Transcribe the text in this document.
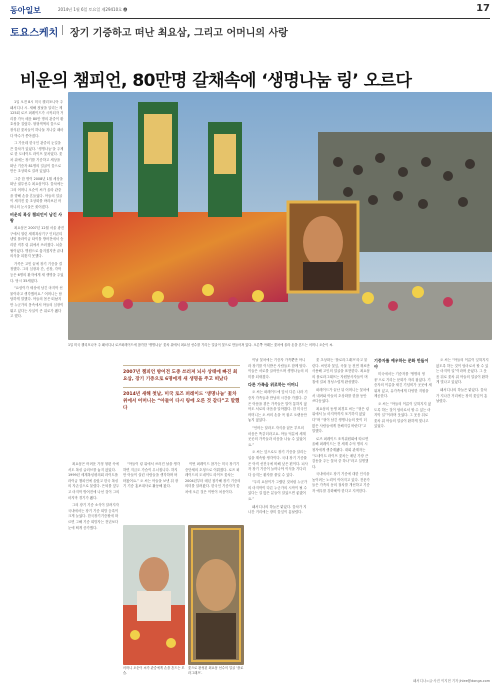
동아일보	2014년 1월 6일 토요일 제29410호 🅐	17
토요스케치 장기 기증하고 떠난 최요삼, 그리고 어머니의 사랑
비운의 챔피언, 80만명 갈채속에 ‘생명나눔 링’ 오르다

1일 오전 8시 미국 캘리포니아 주 패서디나 시. 새해 첫날을 알리는 제125회 로즈 퍼레이드가 시작되자 거리를 가득 메운 80만 명의 관중이 환호성을 질렀다. 형형색색의 꽃으로 장식된 꽃차들이 하나둘 지나갈 때마다 박수가 쏟아졌다.

그 가운데 한국인 관중의 눈길을 끈 꽃차가 있었다. ‘생명나눔’을 주제로 한 도네이트 라이프 꽃차였다. 꽃차 위에는 장기를 기증하고 세상을 떠난 기증자 81명의 얼굴이 꽃으로 만든 초상화로 걸려 있었다.

그중 한 명이 2008년 1월 세상을 떠난 권투선수 최요삼이다. 꽃차에는 그의 어머니 오순이 씨가 올라 관중을 향해 손을 흔들었다. 아들의 얼굴이 새겨진 꽃 초상화를 바라보던 어머니의 눈시울은 붉어졌다.

비운의 복싱 챔피언이 남긴 사랑

최요삼은 2007년 12월 서울 광진구에서 열린 세계복싱기구 인터콘티넨털 플라이급 타이틀 방어전에서 승리한 직후 링 위에서 쓰러졌다. 뇌출혈이었다. 병원으로 옮겨졌지만 끝내 의식을 되찾지 못했다.

가족은 고민 끝에 장기 기증을 결정했다. 그의 심장과 간, 신장, 각막 등은 6명의 환자에게 새 생명을 주었다. 당시 35세였다.

“요삼이가 세상에 남긴 마지막 선물이라고 생각했어요.” 어머니는 담담하게 말했다. 아들의 몸은 떠났지만 누군가의 몸속에서 아들의 심장이 뛰고 있다는 사실이 큰 위로가 됐다고 했다.

1일 미국 캘리포니아 주 패서디나 로즈퍼레이드에 참가한 ‘생명나눔’ 꽃차 위에서 최요삼 선수를 기리는 얼굴이 꽃으로 만들어져 있다. 오른쪽 아래는 꽃차에 올라 손을 흔드는 어머니 오순이 씨.

2007년 챔피언 방어전 도중 쓰러져 뇌사 상태에 빠진 최요삼, 장기 기증으로 6명에게 새 생명을 주고 떠났다

2014년 새해 첫날, 미국 로즈 퍼레이드 ‘생명나눔’ 꽃차 위에서 어머니는 “아들이 다시 링에 오른 것 같다”고 말했다

최요삼은 어려운 가정 형편 속에서도 복싱 글러브를 놓지 않았다. 1999년 세계복싱평의회 라이트플라이급 챔피언에 올랐고 한국 복싱의 자존심으로 불렸다. 은퇴를 앞두고 마지막 방어전에 나선 것이 그의 마지막 경기가 됐다.

그의 장기 기증 소식이 알려지자 국내에서는 장기 기증 희망 등록이 크게 늘었다. 한국장기기증원에 따르면 그해 기증 희망자는 전년보다 눈에 띄게 증가했다.

“아들이 링 위에서 쓰러진 날을 생각하면 지금도 가슴이 무너집니다. 하지만 아들이 살린 사람들을 생각하며 버텨왔어요.” 오 씨는 아들을 보낸 뒤 장기 기증 홍보대사로 활동해 왔다.

이번 퍼레이드 참가는 미국 장기기증단체의 초청으로 이뤄졌다. 로즈 퍼레이드의 도네이트 라이프 꽃차는 2004년부터 매년 참가해 장기 기증의 의미를 알려왔다. 한국인 기증자가 꽃차에 오른 것은 이번이 처음이다.

어머니 오순이 씨가 관중에게 손을 흔드는 모습.
꽃으로 완성된 최요삼 선수의 얼굴 ‘플로라그래프’.

이날 꽃차에는 기증자 가족뿐만 아니라 장기를 이식받은 사람들도 함께 탔다. 이들은 서로를 끌어안으며 생명나눔의 의미를 되새겼다.

다른 가족을 위로하는 어머니

오 씨는 퍼레이드에 앞서 다른 나라 기증자 가족들과 만남의 시간을 가졌다. 같은 아픔을 겪은 가족들은 말이 통하지 않아도 서로의 마음을 알아봤다. 한 미국인 어머니는 오 씨의 손을 꼭 잡고 오랫동안 놓지 않았다.

“언어는 달라도 자식을 잃은 부모의 마음은 똑같더라고요. 아들 덕분에 세계 곳곳의 가족들과 마음을 나눌 수 있었어요.”

오 씨는 앞으로도 장기 기증을 알리는 일을 계속할 생각이다. 국내 장기 기증률은 아직 선진국에 비해 낮은 편이다. 뇌사자 장기 기증이 늘어나야 이식을 기다리다 숨지는 환자를 줄일 수 있다.

“우리 요삼이가 그랬던 것처럼 누군가의 마지막이 다른 누군가의 시작이 될 수 있다는 걸 많은 분들이 알았으면 좋겠어요.”

패서디나의 하늘은 맑았다. 꽃차가 지나간 거리에는 장미 꽃잎이 흩날렸다.

꽃 초상화는 ‘플로라그래프’라고 불린다. 씨앗과 꽃잎, 곡물 등 천연 재료만 사용해 고인의 얼굴을 표현한다. 최요삼의 플로라그래프는 자원봉사자들이 며칠에 걸쳐 정성스럽게 완성했다.

퍼레이드가 끝난 뒤 어머니는 꽃차에서 내려와 아들의 초상화를 한참 동안 쓰다듬었다.

최요삼의 동생 최경호 씨는 “형은 링 위에서 늘 마지막까지 포기하지 않았다”며 “형이 남긴 생명나눔의 뜻이 더 많은 사람들에게 전해지길 바란다”고 말했다.

로즈 퍼레이드 조직위원회에 따르면 올해 퍼레이드는 전 세계 수억 명의 시청자에게 생중계됐다. 대회 관계자는 “도네이트 라이프 꽃차는 매년 가장 큰 감동을 주는 꽃차 중 하나”라고 설명했다.

국내에서도 장기 기증에 대한 인식을 높이려는 노력이 이어지고 있다. 전문가들은 가족의 동의 절차를 개선하고 기증자 예우를 강화해야 한다고 지적한다.

기증자를 예우하는 문화 만들어야

미국에서는 기증자를 ‘생명의 영웅’으로 기리는 문화가 자리 잡았다. 기증자의 이름을 새긴 기념비가 곳곳에 세워져 있고, 유가족에게 다양한 지원을 제공한다.

오 씨는 “아들의 이름이 잊혀지지 않도록 하는 것이 엄마로서 할 수 있는 마지막 일”이라며 웃었다. 그 웃음 뒤로 꽃차 위 아들의 얼굴이 환하게 빛나고 있었다.

오 씨는 “아들의 이름이 잊혀지지 않도록 하는 것이 엄마로서 할 수 있는 마지막 일”이라며 웃었다. 그 웃음 뒤로 꽃차 위 아들의 얼굴이 환하게 빛나고 있었다.

패서디나의 하늘은 맑았다. 꽃차가 지나간 거리에는 장미 꽃잎이 흩날렸다.

패서디나=글·사진 이지현 기자 jhlee@donga.com
